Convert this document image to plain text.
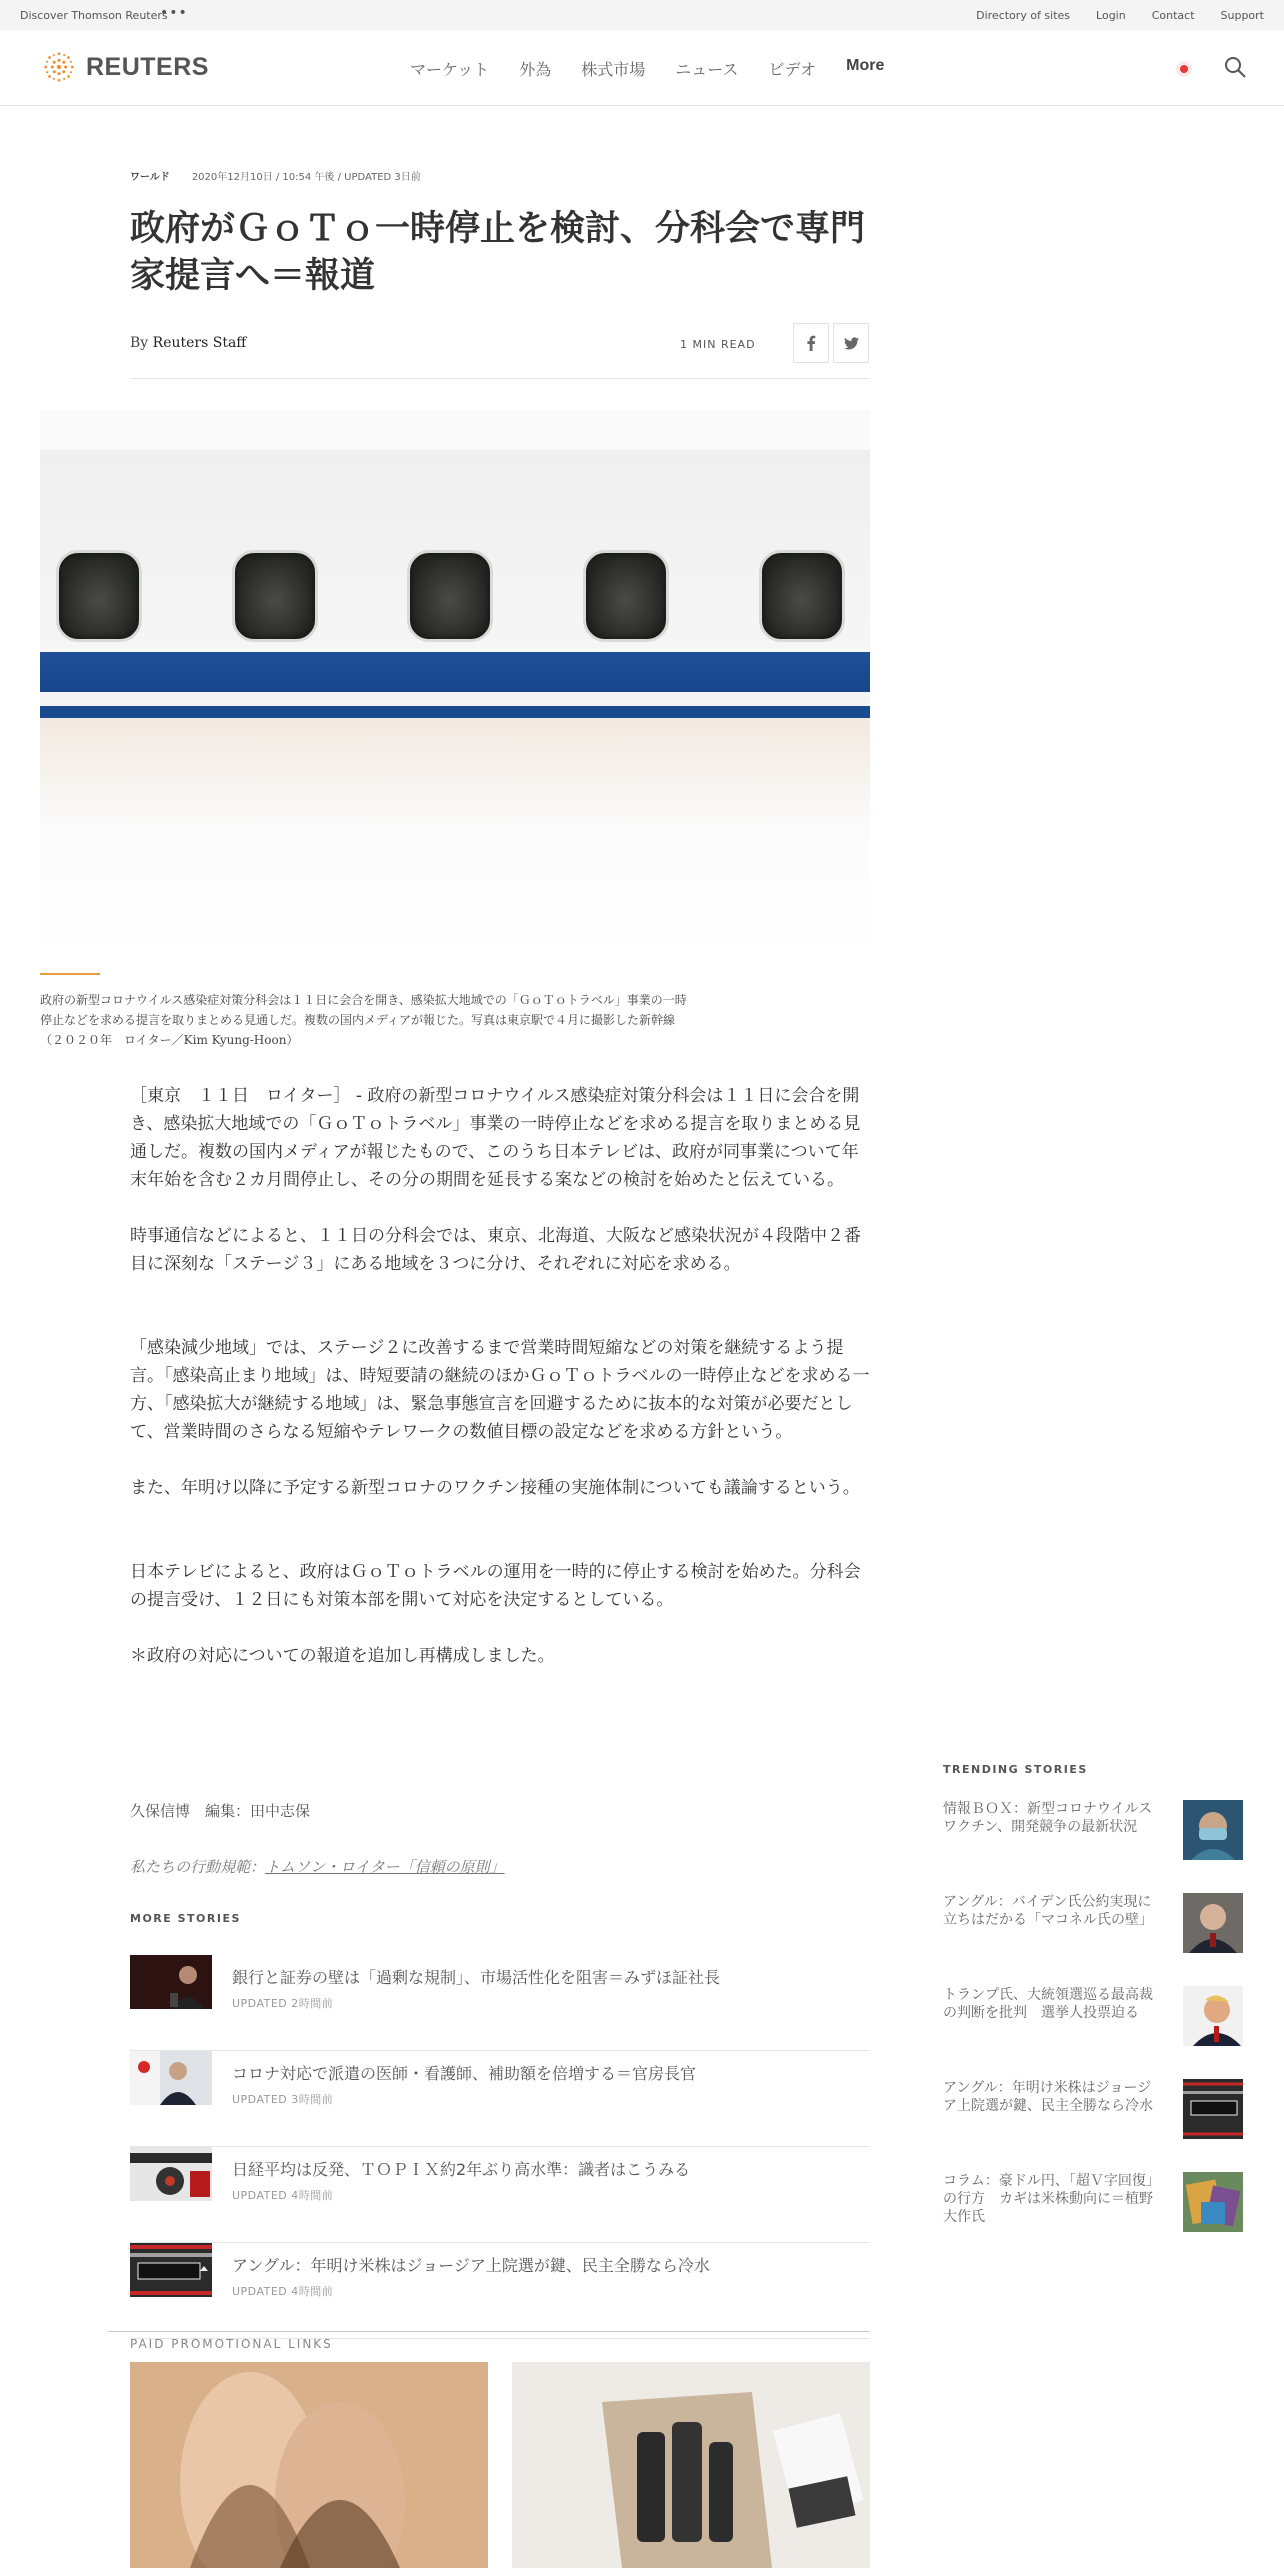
Discover Thomson Reuters
•••	Directory of sites Login Contact Support
REUTERS	マーケット 外為 株式市場 ニュース ビデオ More
ワールド 2020年12月10日 / 10:54 午後 / UPDATED 3日前
政府がＧｏＴｏ一時停止を検討、分科会で専門家提言へ＝報道
By Reuters Staff	1 MIN READ

政府の新型コロナウイルス感染症対策分科会は１１日に会合を開き、感染拡大地域での「ＧｏＴｏトラベル」事業の一時停止などを求める提言を取りまとめる見通しだ。複数の国内メディアが報じた。写真は東京駅で４月に撮影した新幹線（２０２０年　ロイター／Kim Kyung-Hoon）

［東京　１１日　ロイター］ - 政府の新型コロナウイルス感染症対策分科会は１１日に会合を開き、感染拡大地域での「ＧｏＴｏトラベル」事業の一時停止などを求める提言を取りまとめる見通しだ。複数の国内メディアが報じたもので、このうち日本テレビは、政府が同事業について年末年始を含む２カ月間停止し、その分の期間を延長する案などの検討を始めたと伝えている。

時事通信などによると、１１日の分科会では、東京、北海道、大阪など感染状況が４段階中２番目に深刻な「ステージ３」にある地域を３つに分け、それぞれに対応を求める。

「感染減少地域」では、ステージ２に改善するまで営業時間短縮などの対策を継続するよう提言。「感染高止まり地域」は、時短要請の継続のほかＧｏＴｏトラベルの一時停止などを求める一方、「感染拡大が継続する地域」は、緊急事態宣言を回避するために抜本的な対策が必要だとして、営業時間のさらなる短縮やテレワークの数値目標の設定などを求める方針という。

また、年明け以降に予定する新型コロナのワクチン接種の実施体制についても議論するという。

日本テレビによると、政府はＧｏＴｏトラベルの運用を一時的に停止する検討を始めた。分科会の提言受け、１２日にも対策本部を開いて対応を決定するとしている。

＊政府の対応についての報道を追加し再構成しました。

久保信博　編集：田中志保

私たちの行動規範：トムソン・ロイター「信頼の原則」

MORE STORIES
銀行と証券の壁は「過剰な規制」、市場活性化を阻害＝みずほ証社長
UPDATED 2時間前
コロナ対応で派遣の医師・看護師、補助額を倍増する＝官房長官
UPDATED 3時間前
日経平均は反発、ＴＯＰＩＸ約2年ぶり高水準：識者はこうみる
UPDATED 4時間前
アングル：年明け米株はジョージア上院選が鍵、民主全勝なら冷水
UPDATED 4時間前
PAID PROMOTIONAL LINKS
TRENDING STORIES
情報ＢＯＸ：新型コロナウイルスワクチン、開発競争の最新状況
アングル：バイデン氏公約実現に立ちはだかる「マコネル氏の壁」
トランプ氏、大統領選巡る最高裁の判断を批判　選挙人投票迫る
アングル：年明け米株はジョージア上院選が鍵、民主全勝なら冷水
コラム：豪ドル円、「超Ｖ字回復」の行方　カギは米株動向に＝植野大作氏
